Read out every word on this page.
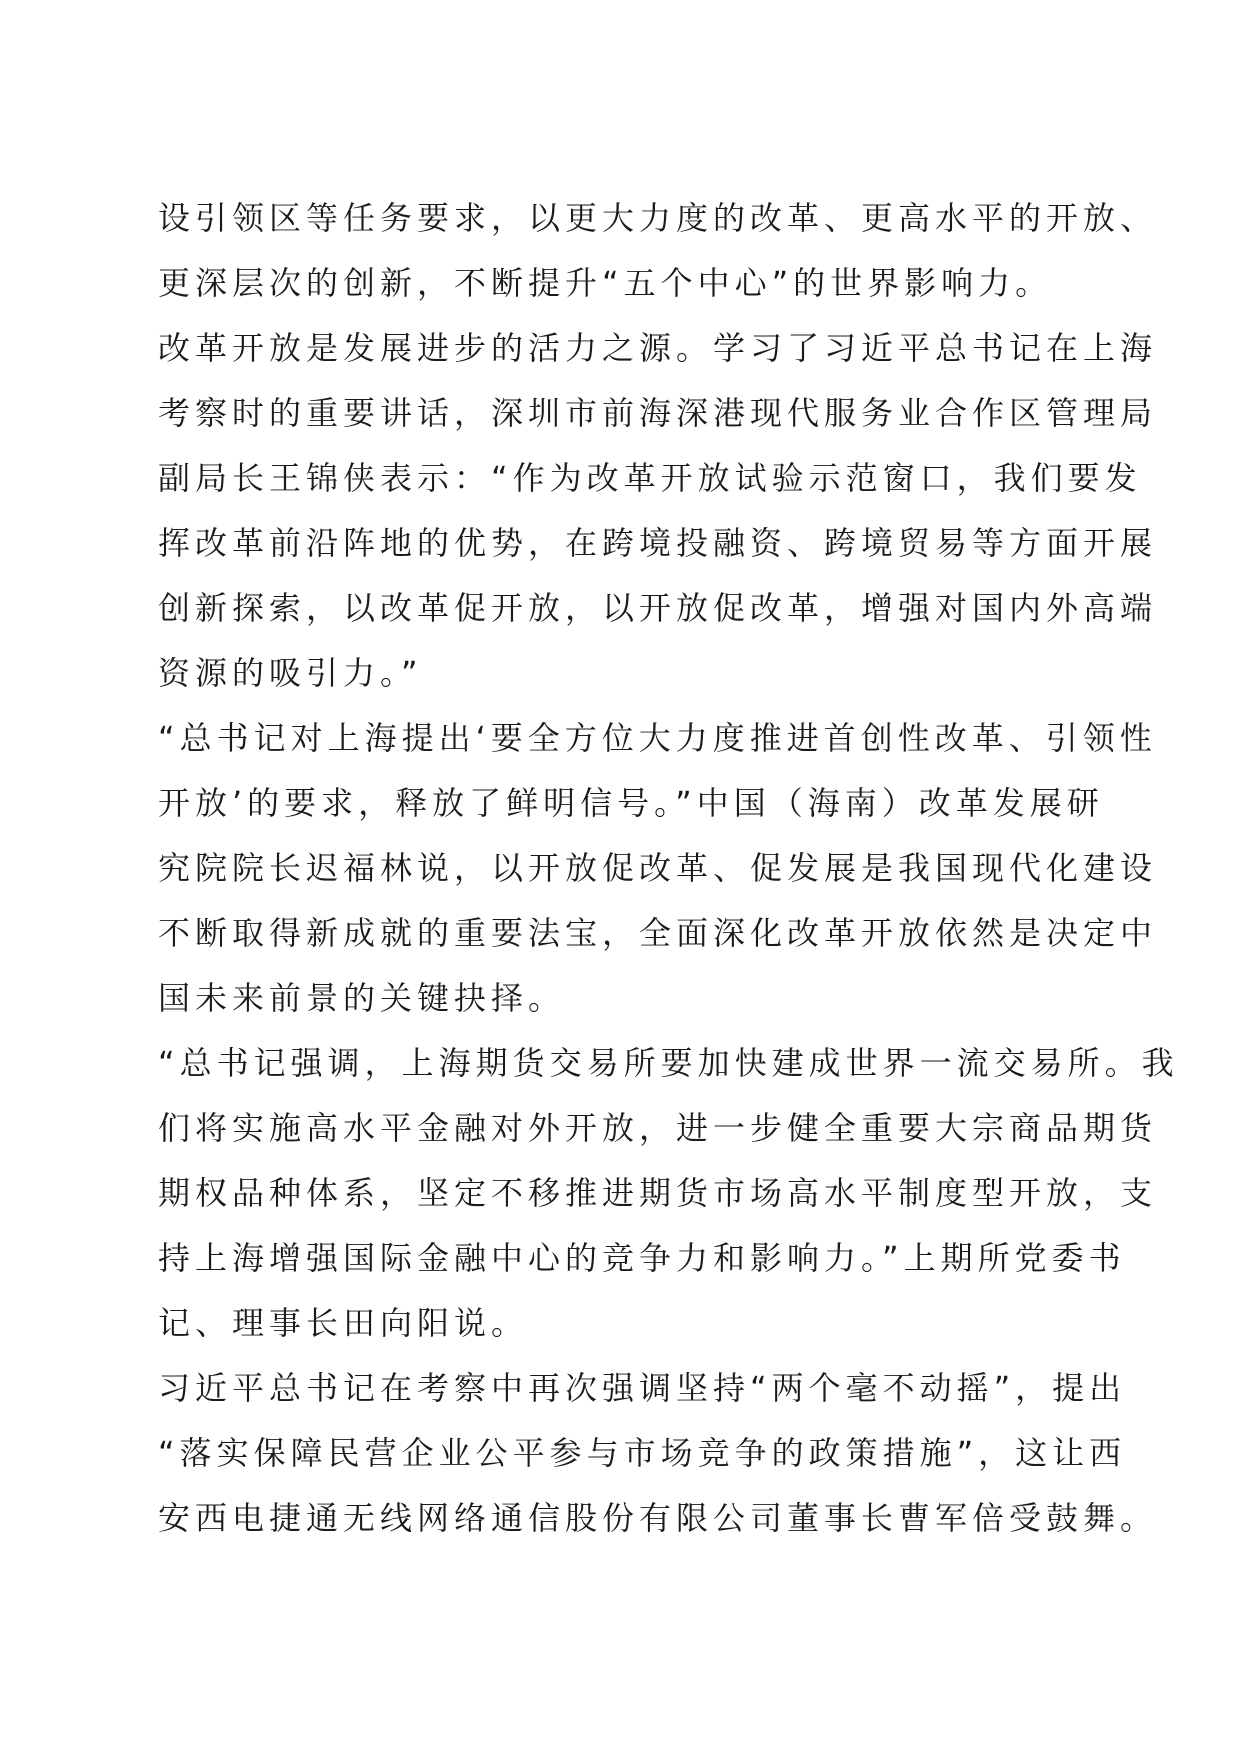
设引领区等任务要求，以更大力度的改革、更高水平的开放、
更深层次的创新，不断提升“五个中心”的世界影响力。
改革开放是发展进步的活力之源。学习了习近平总书记在上海
考察时的重要讲话，深圳市前海深港现代服务业合作区管理局
副局长王锦侠表示：“作为改革开放试验示范窗口，我们要发
挥改革前沿阵地的优势，在跨境投融资、跨境贸易等方面开展
创新探索，以改革促开放，以开放促改革，增强对国内外高端
资源的吸引力。”
“总书记对上海提出‘要全方位大力度推进首创性改革、引领性
开放’的要求，释放了鲜明信号。”中国（海南）改革发展研
究院院长迟福林说，以开放促改革、促发展是我国现代化建设
不断取得新成就的重要法宝，全面深化改革开放依然是决定中
国未来前景的关键抉择。
“总书记强调，上海期货交易所要加快建成世界一流交易所。我
们将实施高水平金融对外开放，进一步健全重要大宗商品期货
期权品种体系，坚定不移推进期货市场高水平制度型开放，支
持上海增强国际金融中心的竞争力和影响力。”上期所党委书
记、理事长田向阳说。
习近平总书记在考察中再次强调坚持“两个毫不动摇”，提出
“落实保障民营企业公平参与市场竞争的政策措施”，这让西
安西电捷通无线网络通信股份有限公司董事长曹军倍受鼓舞。
